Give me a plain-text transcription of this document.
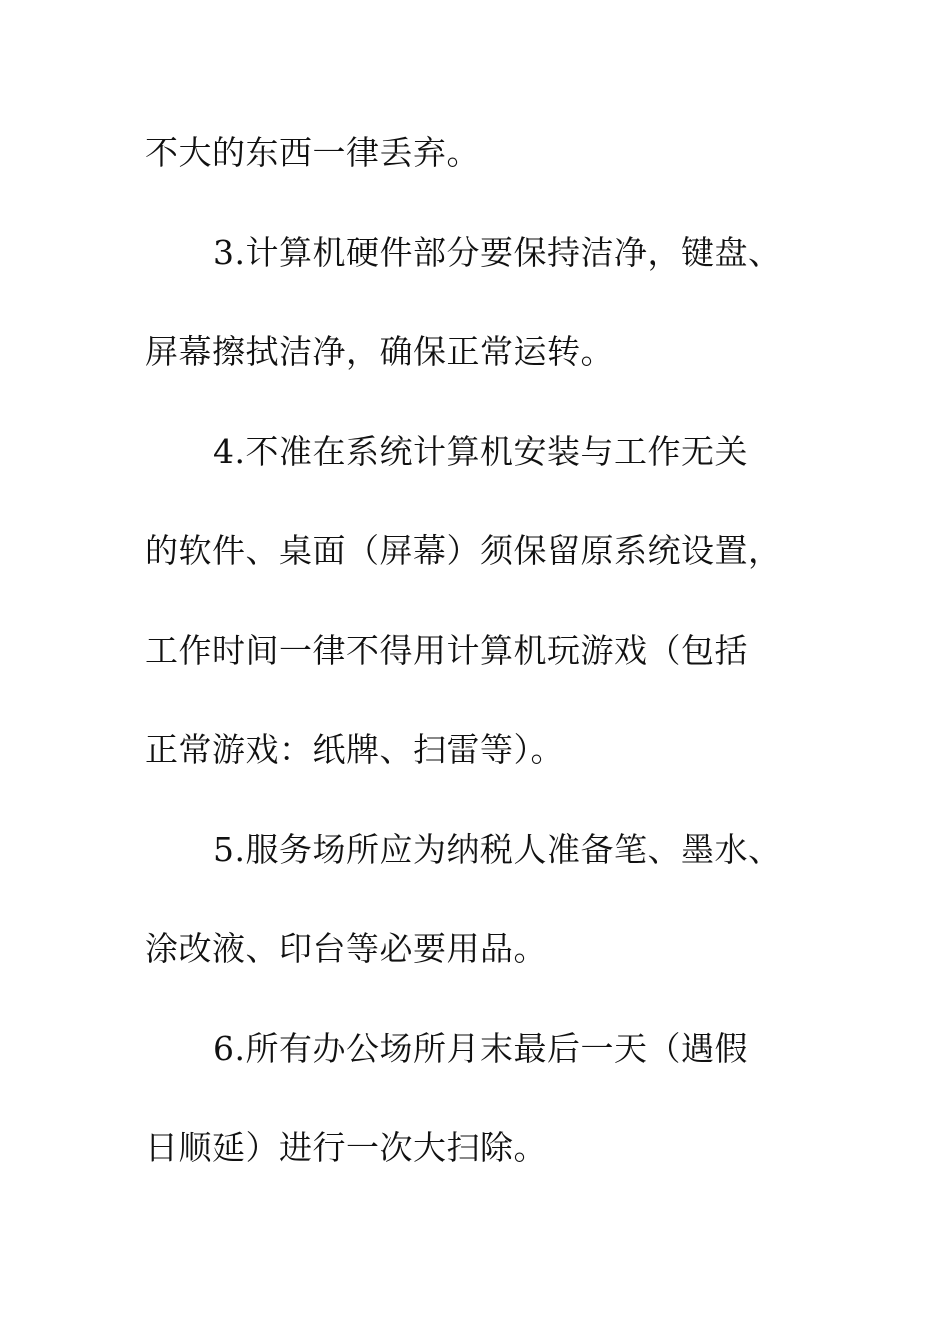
不大的东西一律丢弃。

3.计算机硬件部分要保持洁净，键盘、

屏幕擦拭洁净，确保正常运转。

4.不准在系统计算机安装与工作无关

的软件、桌面（屏幕）须保留原系统设置，

工作时间一律不得用计算机玩游戏（包括

正常游戏：纸牌、扫雷等）。

5.服务场所应为纳税人准备笔、墨水、

涂改液、印台等必要用品。

6.所有办公场所月末最后一天（遇假

日顺延）进行一次大扫除。
